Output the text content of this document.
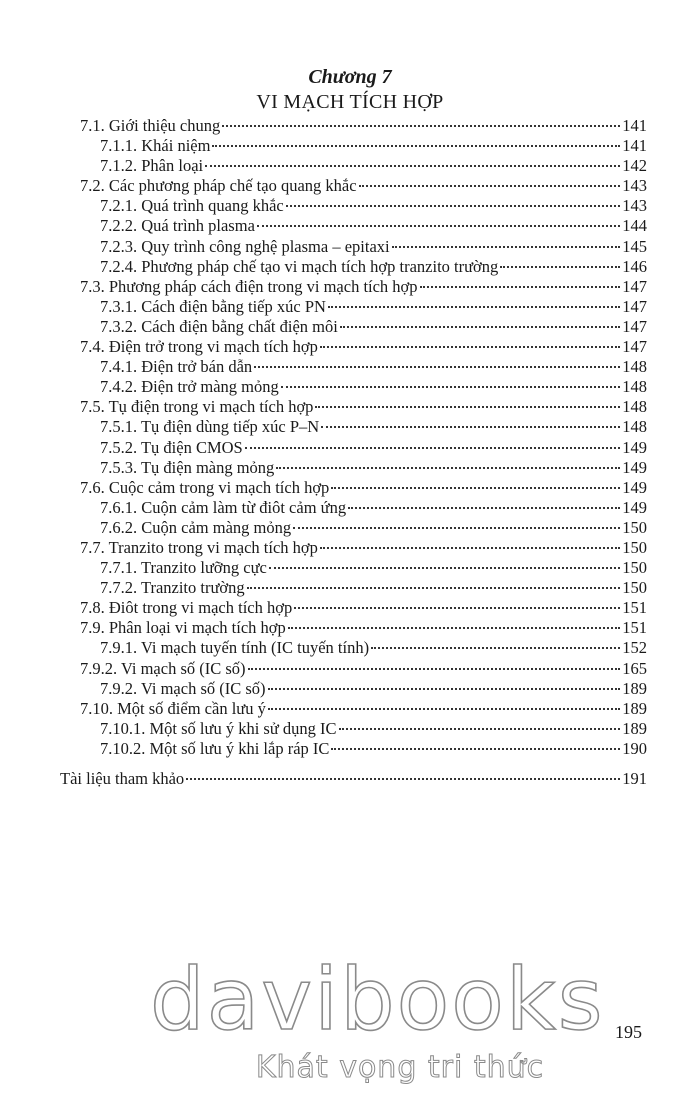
Chương 7
VI MẠCH TÍCH HỢP
7.1. Giới thiệu chung	141
7.1.1. Khái niệm	141
7.1.2. Phân loại	142
7.2. Các phương pháp chế tạo quang khắc	143
7.2.1. Quá trình quang khắc	143
7.2.2. Quá trình plasma	144
7.2.3. Quy trình công nghệ plasma – epitaxi	145
7.2.4. Phương pháp chế tạo vi mạch tích hợp tranzito trường	146
7.3. Phương pháp cách điện trong vi mạch tích hợp	147
7.3.1. Cách điện bằng tiếp xúc PN	147
7.3.2. Cách điện bằng chất điện môi	147
7.4. Điện trở trong vi mạch tích hợp	147
7.4.1. Điện trở bán dẫn	148
7.4.2. Điện trở màng mỏng	148
7.5. Tụ điện trong vi mạch tích hợp	148
7.5.1. Tụ điện dùng tiếp xúc P–N	148
7.5.2. Tụ điện CMOS	149
7.5.3. Tụ điện màng mỏng	149
7.6. Cuộc cảm trong vi mạch tích hợp	149
7.6.1. Cuộn cảm làm từ điôt cảm ứng	149
7.6.2. Cuộn cảm màng mỏng	150
7.7. Tranzito trong vi mạch tích hợp	150
7.7.1. Tranzito lưỡng cực	150
7.7.2. Tranzito trường	150
7.8. Điôt trong vi mạch tích hợp	151
7.9. Phân loại vi mạch tích hợp	151
7.9.1. Vi mạch tuyến tính (IC tuyến tính)	152
7.9.2. Vi mạch số (IC số)	165
7.9.2. Vi mạch số (IC số)	189
7.10. Một số điểm cần lưu ý	189
7.10.1. Một số lưu ý khi sử dụng IC	189
7.10.2. Một số lưu ý khi lắp ráp IC	190
Tài liệu tham khảo	191
195
davibooks
Khát vọng tri thức
